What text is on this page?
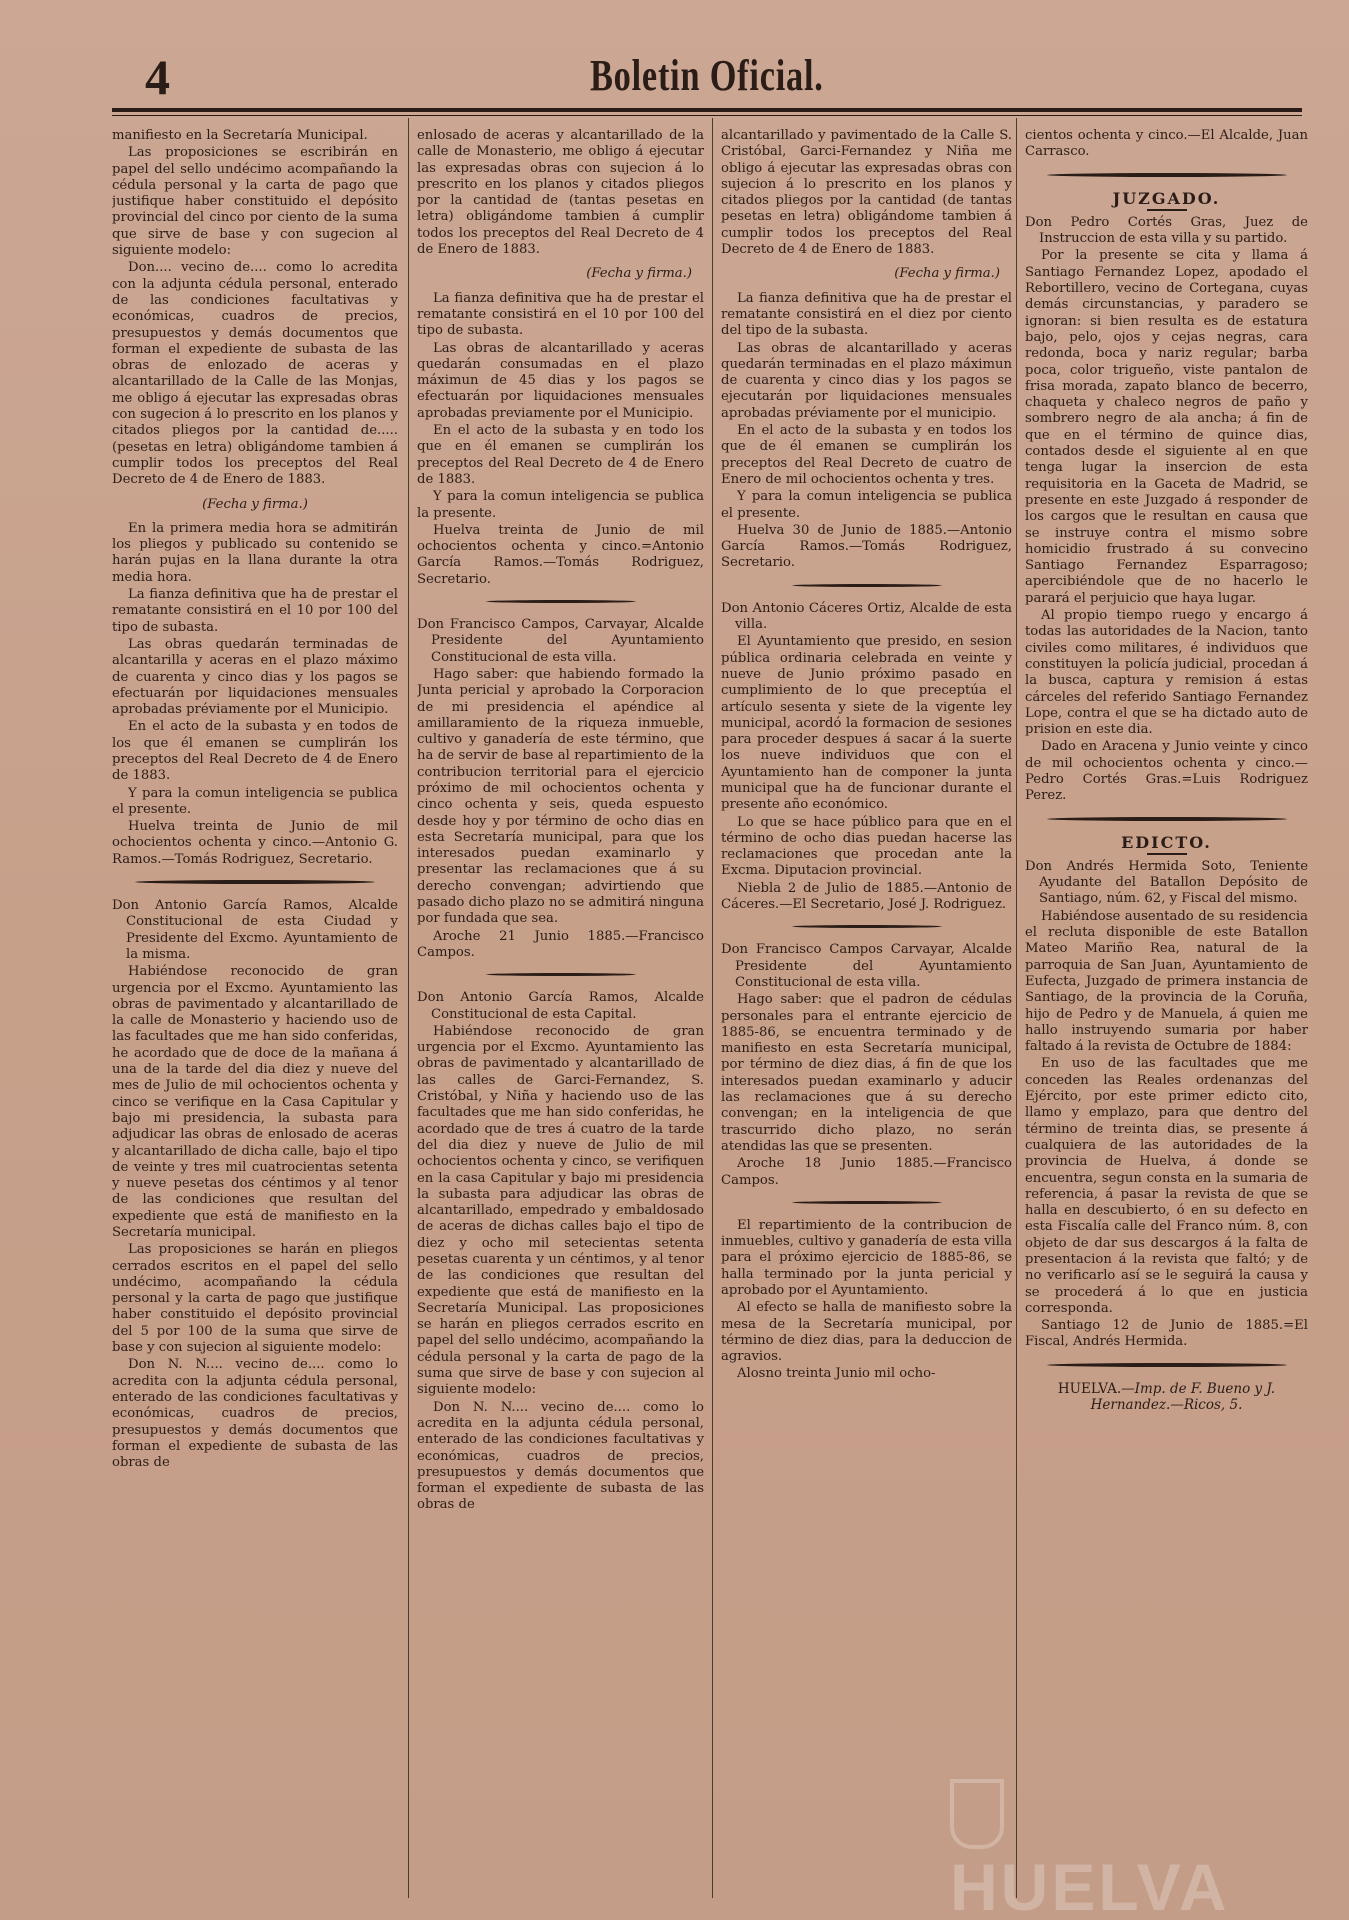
4	Boletin Oficial.

manifiesto en la Secretaría Municipal.

Las proposiciones se escribirán en papel del sello undécimo acompañando la cédula personal y la carta de pago que justifique haber constituido el depósito provincial del cinco por ciento de la suma que sirve de base y con sugecion al siguiente modelo:

Don.... vecino de.... como lo acredita con la adjunta cédula personal, enterado de las condiciones facultativas y económicas, cuadros de precios, presupuestos y demás documentos que forman el expediente de subasta de las obras de enlozado de aceras y alcantarillado de la Calle de las Monjas, me obligo á ejecutar las expresadas obras con sugecion á lo prescrito en los planos y citados pliegos por la cantidad de..... (pesetas en letra) obligándome tambien á cumplir todos los preceptos del Real Decreto de 4 de Enero de 1883.

(Fecha y firma.)

En la primera media hora se admitirán los pliegos y publicado su contenido se harán pujas en la llana durante la otra media hora.

La fianza definitiva que ha de prestar el rematante consistirá en el 10 por 100 del tipo de subasta.

Las obras quedarán terminadas de alcantarilla y aceras en el plazo máximo de cuarenta y cinco dias y los pagos se efectuarán por liquidaciones mensuales aprobadas préviamente por el Municipio.

En el acto de la subasta y en todos de los que él emanen se cumplirán los preceptos del Real Decreto de 4 de Enero de 1883.

Y para la comun inteligencia se publica el presente.

Huelva treinta de Junio de mil ochocientos ochenta y cinco.—Antonio G. Ramos.—Tomás Rodriguez, Secretario.

Don Antonio García Ramos, Alcalde Constitucional de esta Ciudad y Presidente del Excmo. Ayuntamiento de la misma.

Habiéndose reconocido de gran urgencia por el Excmo. Ayuntamiento las obras de pavimentado y alcantarillado de la calle de Monasterio y haciendo uso de las facultades que me han sido conferidas, he acordado que de doce de la mañana á una de la tarde del dia diez y nueve del mes de Julio de mil ochocientos ochenta y cinco se verifique en la Casa Capitular y bajo mi presidencia, la subasta para adjudicar las obras de enlosado de aceras y alcantarillado de dicha calle, bajo el tipo de veinte y tres mil cuatrocientas setenta y nueve pesetas dos céntimos y al tenor de las condiciones que resultan del expediente que está de manifiesto en la Secretaría municipal.

Las proposiciones se harán en pliegos cerrados escritos en el papel del sello undécimo, acompañando la cédula personal y la carta de pago que justifique haber constituido el depósito provincial del 5 por 100 de la suma que sirve de base y con sujecion al siguiente modelo:

Don N. N.... vecino de.... como lo acredita con la adjunta cédula personal, enterado de las condiciones facultativas y económicas, cuadros de precios, presupuestos y demás documentos que forman el expediente de subasta de las obras de

enlosado de aceras y alcantarillado de la calle de Monasterio, me obligo á ejecutar las expresadas obras con sujecion á lo prescrito en los planos y citados pliegos por la cantidad de (tantas pesetas en letra) obligándome tambien á cumplir todos los preceptos del Real Decreto de 4 de Enero de 1883.

(Fecha y firma.)

La fianza definitiva que ha de prestar el rematante consistirá en el 10 por 100 del tipo de subasta.

Las obras de alcantarillado y aceras quedarán consumadas en el plazo máximun de 45 dias y los pagos se efectuarán por liquidaciones mensuales aprobadas previamente por el Municipio.

En el acto de la subasta y en todo los que en él emanen se cumplirán los preceptos del Real Decreto de 4 de Enero de 1883.

Y para la comun inteligencia se publica la presente.

Huelva treinta de Junio de mil ochocientos ochenta y cinco.=Antonio García Ramos.—Tomás Rodriguez, Secretario.

Don Francisco Campos, Carvayar, Alcalde Presidente del Ayuntamiento Constitucional de esta villa.

Hago saber: que habiendo formado la Junta pericial y aprobado la Corporacion de mi presidencia el apéndice al amillaramiento de la riqueza inmueble, cultivo y ganadería de este término, que ha de servir de base al repartimiento de la contribucion territorial para el ejercicio próximo de mil ochocientos ochenta y cinco ochenta y seis, queda espuesto desde hoy y por término de ocho dias en esta Secretaría municipal, para que los interesados puedan examinarlo y presentar las reclamaciones que á su derecho convengan; advirtiendo que pasado dicho plazo no se admitirá ninguna por fundada que sea.

Aroche 21 Junio 1885.—Francisco Campos.

Don Antonio García Ramos, Alcalde Constitucional de esta Capital.

Habiéndose reconocido de gran urgencia por el Excmo. Ayuntamiento las obras de pavimentado y alcantarillado de las calles de Garci-Fernandez, S. Cristóbal, y Niña y haciendo uso de las facultades que me han sido conferidas, he acordado que de tres á cuatro de la tarde del dia diez y nueve de Julio de mil ochocientos ochenta y cinco, se verifiquen en la casa Capitular y bajo mi presidencia la subasta para adjudicar las obras de alcantarillado, empedrado y embaldosado de aceras de dichas calles bajo el tipo de diez y ocho mil setecientas setenta pesetas cuarenta y un céntimos, y al tenor de las condiciones que resultan del expediente que está de manifiesto en la Secretaría Municipal. Las proposiciones se harán en pliegos cerrados escrito en papel del sello undécimo, acompañando la cédula personal y la carta de pago de la suma que sirve de base y con sujecion al siguiente modelo:

Don N. N.... vecino de.... como lo acredita en la adjunta cédula personal, enterado de las condiciones facultativas y económicas, cuadros de precios, presupuestos y demás documentos que forman el expediente de subasta de las obras de

alcantarillado y pavimentado de la Calle S. Cristóbal, Garci-Fernandez y Niña me obligo á ejecutar las expresadas obras con sujecion á lo prescrito en los planos y citados pliegos por la cantidad (de tantas pesetas en letra) obligándome tambien á cumplir todos los preceptos del Real Decreto de 4 de Enero de 1883.

(Fecha y firma.)

La fianza definitiva que ha de prestar el rematante consistirá en el diez por ciento del tipo de la subasta.

Las obras de alcantarillado y aceras quedarán terminadas en el plazo máximun de cuarenta y cinco dias y los pagos se ejecutarán por liquidaciones mensuales aprobadas préviamente por el municipio.

En el acto de la subasta y en todos los que de él emanen se cumplirán los preceptos del Real Decreto de cuatro de Enero de mil ochocientos ochenta y tres.

Y para la comun inteligencia se publica el presente.

Huelva 30 de Junio de 1885.—Antonio García Ramos.—Tomás Rodriguez, Secretario.

Don Antonio Cáceres Ortiz, Alcalde de esta villa.

El Ayuntamiento que presido, en sesion pública ordinaria celebrada en veinte y nueve de Junio próximo pasado en cumplimiento de lo que preceptúa el artículo sesenta y siete de la vigente ley municipal, acordó la formacion de sesiones para proceder despues á sacar á la suerte los nueve individuos que con el Ayuntamiento han de componer la junta municipal que ha de funcionar durante el presente año económico.

Lo que se hace público para que en el término de ocho dias puedan hacerse las reclamaciones que procedan ante la Excma. Diputacion provincial.

Niebla 2 de Julio de 1885.—Antonio de Cáceres.—El Secretario, José J. Rodriguez.

Don Francisco Campos Carvayar, Alcalde Presidente del Ayuntamiento Constitucional de esta villa.

Hago saber: que el padron de cédulas personales para el entrante ejercicio de 1885-86, se encuentra terminado y de manifiesto en esta Secretaría municipal, por término de diez dias, á fin de que los interesados puedan examinarlo y aducir las reclamaciones que á su derecho convengan; en la inteligencia de que trascurrido dicho plazo, no serán atendidas las que se presenten.

Aroche 18 Junio 1885.—Francisco Campos.

El repartimiento de la contribucion de inmuebles, cultivo y ganadería de esta villa para el próximo ejercicio de 1885-86, se halla terminado por la junta pericial y aprobado por el Ayuntamiento.

Al efecto se halla de manifiesto sobre la mesa de la Secretaría municipal, por término de diez dias, para la deduccion de agravios.

Alosno treinta Junio mil ocho-

cientos ochenta y cinco.—El Alcalde, Juan Carrasco.

JUZGADO.

Don Pedro Cortés Gras, Juez de Instruccion de esta villa y su partido.

Por la presente se cita y llama á Santiago Fernandez Lopez, apodado el Rebortillero, vecino de Cortegana, cuyas demás circunstancias, y paradero se ignoran: si bien resulta es de estatura bajo, pelo, ojos y cejas negras, cara redonda, boca y nariz regular; barba poca, color trigueño, viste pantalon de frisa morada, zapato blanco de becerro, chaqueta y chaleco negros de paño y sombrero negro de ala ancha; á fin de que en el término de quince dias, contados desde el siguiente al en que tenga lugar la insercion de esta requisitoria en la Gaceta de Madrid, se presente en este Juzgado á responder de los cargos que le resultan en causa que se instruye contra el mismo sobre homicidio frustrado á su convecino Santiago Fernandez Esparragoso; apercibiéndole que de no hacerlo le parará el perjuicio que haya lugar.

Al propio tiempo ruego y encargo á todas las autoridades de la Nacion, tanto civiles como militares, é individuos que constituyen la policía judicial, procedan á la busca, captura y remision á estas cárceles del referido Santiago Fernandez Lope, contra el que se ha dictado auto de prision en este dia.

Dado en Aracena y Junio veinte y cinco de mil ochocientos ochenta y cinco.—Pedro Cortés Gras.=Luis Rodriguez Perez.

EDICTO.

Don Andrés Hermida Soto, Teniente Ayudante del Batallon Depósito de Santiago, núm. 62, y Fiscal del mismo.

Habiéndose ausentado de su residencia el recluta disponible de este Batallon Mateo Mariño Rea, natural de la parroquia de San Juan, Ayuntamiento de Eufecta, Juzgado de primera instancia de Santiago, de la provincia de la Coruña, hijo de Pedro y de Manuela, á quien me hallo instruyendo sumaria por haber faltado á la revista de Octubre de 1884:

En uso de las facultades que me conceden las Reales ordenanzas del Ejército, por este primer edicto cito, llamo y emplazo, para que dentro del término de treinta dias, se presente á cualquiera de las autoridades de la provincia de Huelva, á donde se encuentra, segun consta en la sumaria de referencia, á pasar la revista de que se halla en descubierto, ó en su defecto en esta Fiscalía calle del Franco núm. 8, con objeto de dar sus descargos á la falta de presentacion á la revista que faltó; y de no verificarlo así se le seguirá la causa y se procederá á lo que en justicia corresponda.

Santiago 12 de Junio de 1885.=El Fiscal, Andrés Hermida.

HUELVA.—Imp. de F. Bueno y J. Hernandez.—Ricos, 5.
HUELVA
